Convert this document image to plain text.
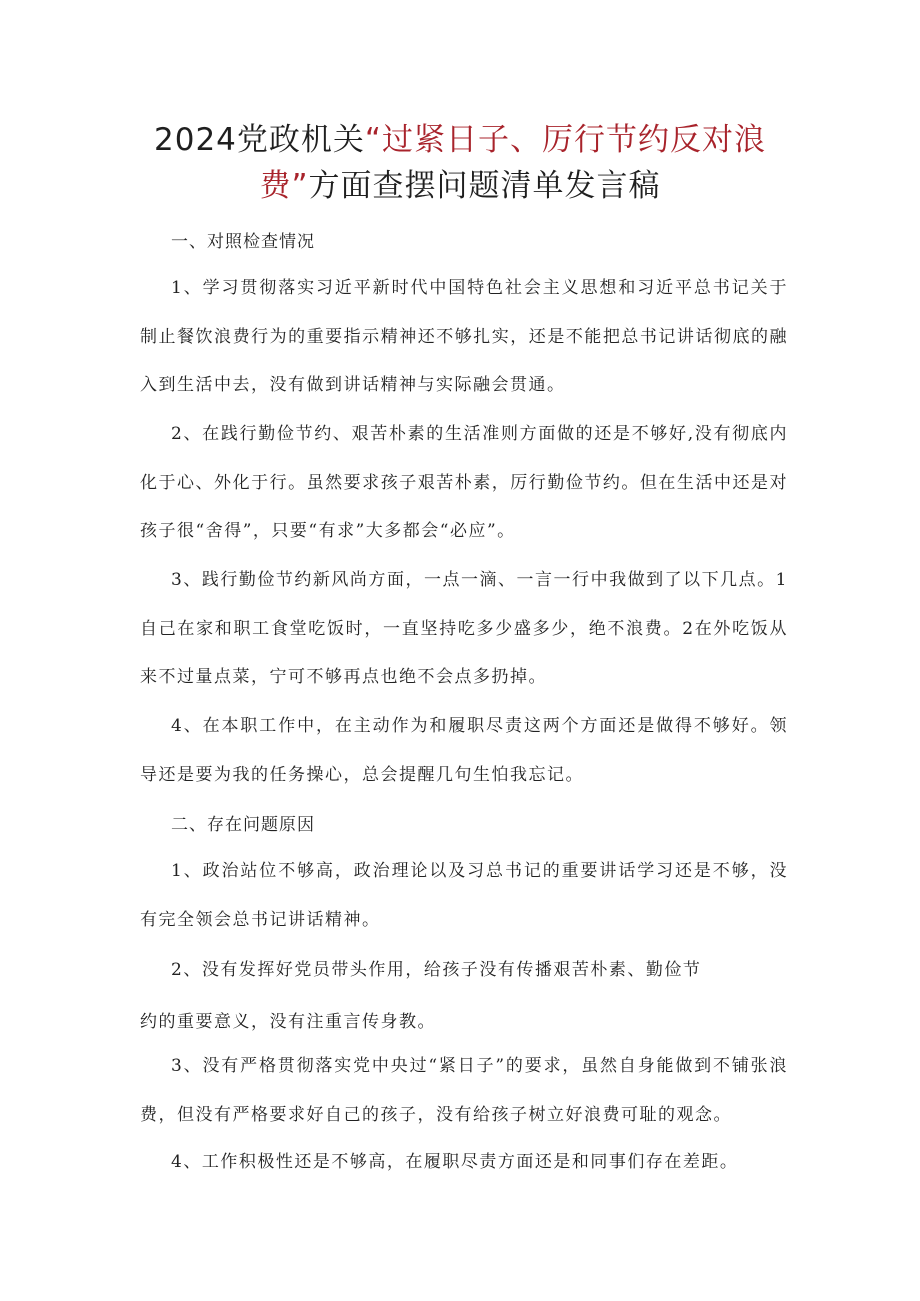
2024党政机关“过紧日子、厉行节约反对浪
费”方面查摆问题清单发言稿
一、对照检查情况

1、学习贯彻落实习近平新时代中国特色社会主义思想和习近平总书记关于制止餐饮浪费行为的重要指示精神还不够扎实，还是不能把总书记讲话彻底的融入到生活中去，没有做到讲话精神与实际融会贯通。

2、在践行勤俭节约、艰苦朴素的生活准则方面做的还是不够好,没有彻底内化于心、外化于行。虽然要求孩子艰苦朴素，厉行勤俭节约。但在生活中还是对孩子很“舍得”，只要“有求”大多都会“必应”。

3、践行勤俭节约新风尚方面，一点一滴、一言一行中我做到了以下几点。1自己在家和职工食堂吃饭时，一直坚持吃多少盛多少，绝不浪费。2在外吃饭从来不过量点菜，宁可不够再点也绝不会点多扔掉。

4、在本职工作中，在主动作为和履职尽责这两个方面还是做得不够好。领导还是要为我的任务操心，总会提醒几句生怕我忘记。

二、存在问题原因

1、政治站位不够高，政治理论以及习总书记的重要讲话学习还是不够，没有完全领会总书记讲话精神。

2、没有发挥好党员带头作用，给孩子没有传播艰苦朴素、勤俭节
约的重要意义，没有注重言传身教。

3、没有严格贯彻落实党中央过“紧日子”的要求，虽然自身能做到不铺张浪费，但没有严格要求好自己的孩子，没有给孩子树立好浪费可耻的观念。

4、工作积极性还是不够高，在履职尽责方面还是和同事们存在差距。
